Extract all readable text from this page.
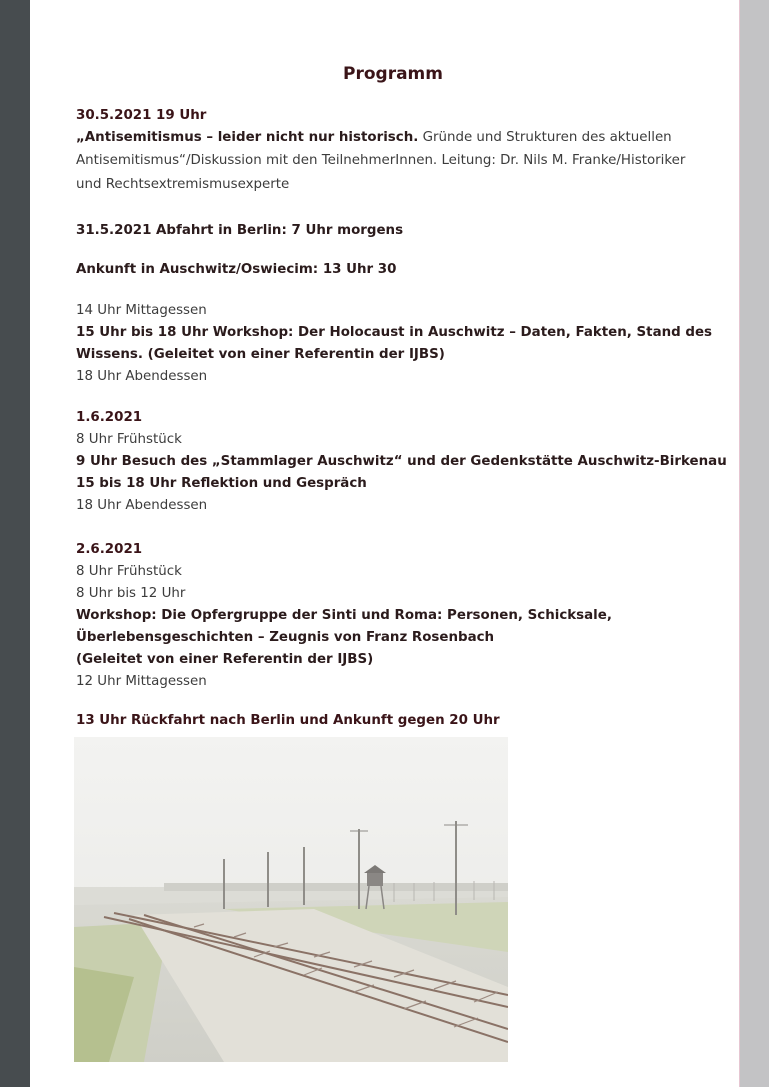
Programm
30.5.2021 19 Uhr
„Antisemitismus – leider nicht nur historisch. Gründe und Strukturen des aktuellen
Antisemitismus“/Diskussion mit den TeilnehmerInnen. Leitung: Dr. Nils M. Franke/Historiker
und Rechtsextremismusexperte
31.5.2021 Abfahrt in Berlin: 7 Uhr morgens
Ankunft in Auschwitz/Oswiecim: 13 Uhr 30
14 Uhr Mittagessen
15 Uhr bis 18 Uhr Workshop: Der Holocaust in Auschwitz – Daten, Fakten, Stand des
Wissens. (Geleitet von einer Referentin der IJBS)
18 Uhr Abendessen
1.6.2021
8 Uhr Frühstück
9 Uhr Besuch des „Stammlager Auschwitz“ und der Gedenkstätte Auschwitz-Birkenau
15 bis 18 Uhr Reflektion und Gespräch
18 Uhr Abendessen
2.6.2021
8 Uhr Frühstück
8 Uhr bis 12 Uhr
Workshop: Die Opfergruppe der Sinti und Roma: Personen, Schicksale,
Überlebensgeschichten – Zeugnis von Franz Rosenbach
(Geleitet von einer Referentin der IJBS)
12 Uhr Mittagessen
13 Uhr Rückfahrt nach Berlin und Ankunft gegen 20 Uhr
